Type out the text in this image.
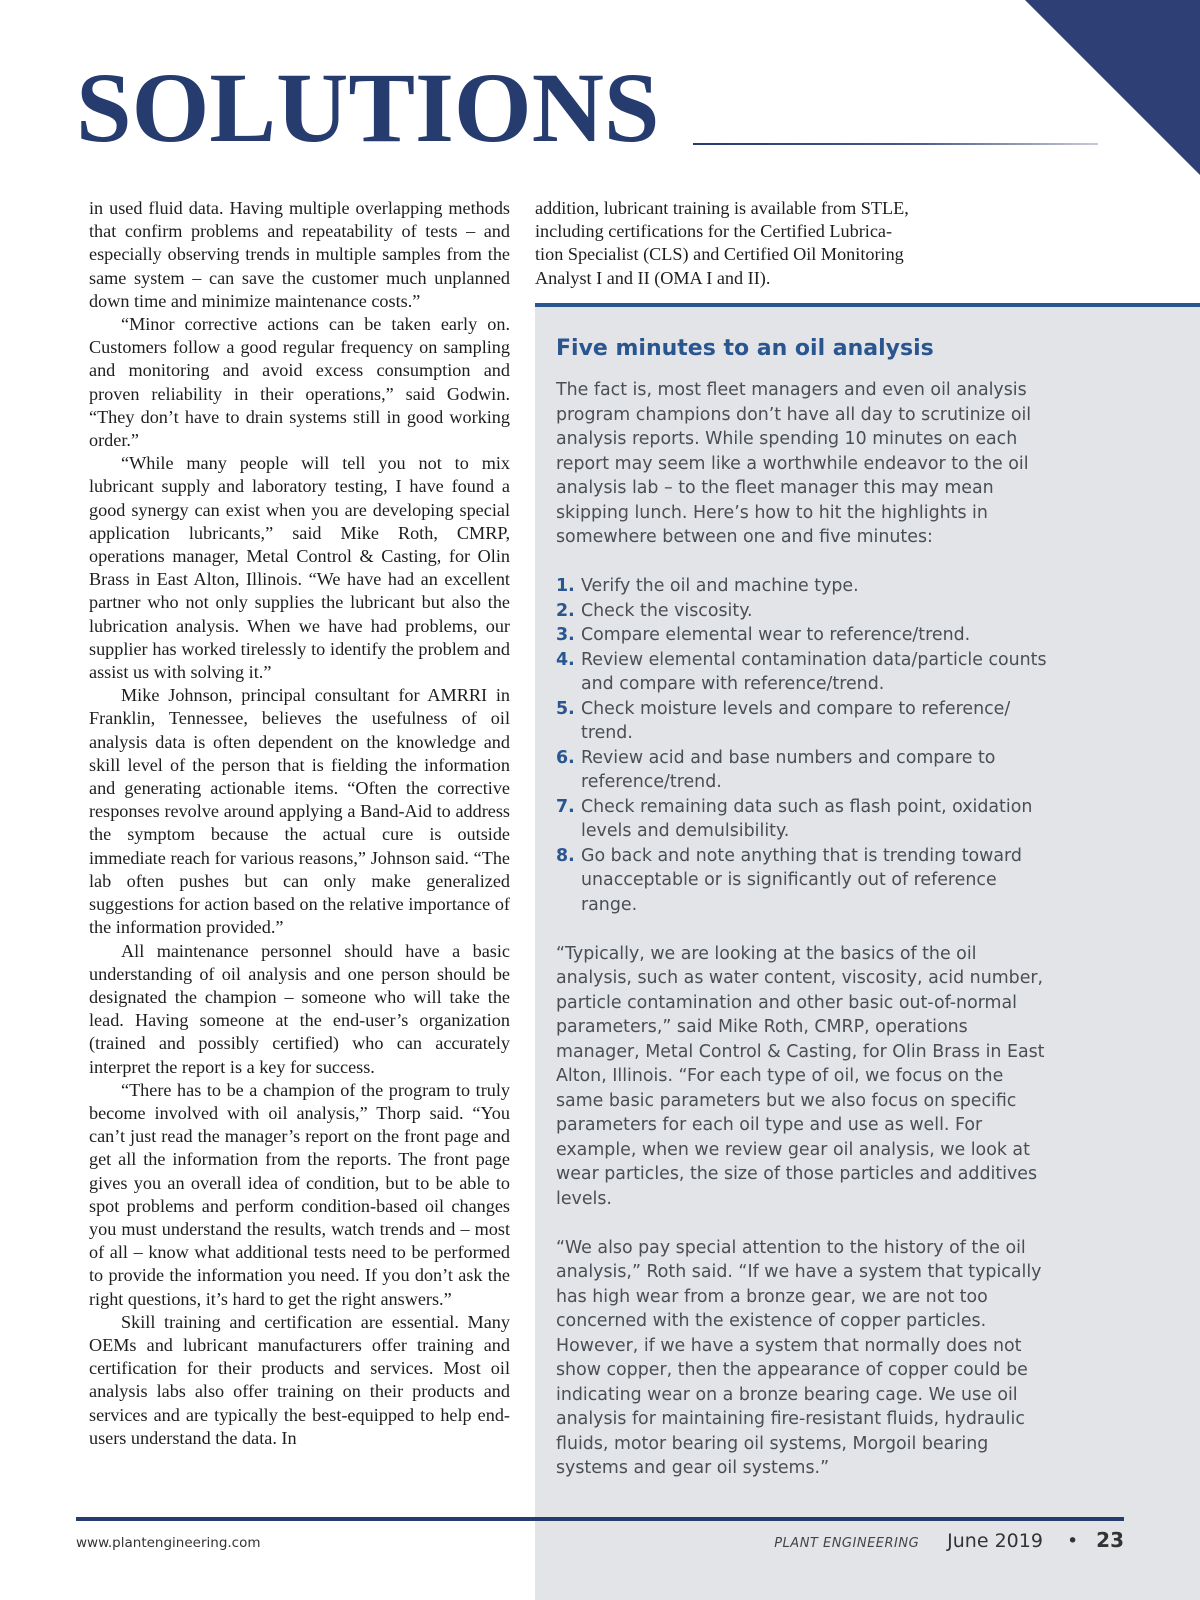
SOLUTIONS

in used fluid data. Having multiple overlapping methods that confirm problems and repeatability of tests – and especially observing trends in multiple samples from the same system – can save the customer much unplanned down time and minimize maintenance costs.”

“Minor corrective actions can be taken early on. Customers follow a good regular frequency on sampling and monitoring and avoid excess consumption and proven reliability in their operations,” said Godwin. “They don’t have to drain systems still in good working order.”

“While many people will tell you not to mix lubricant supply and laboratory testing, I have found a good synergy can exist when you are developing special application lubricants,” said Mike Roth, CMRP, operations manager, Metal Control & Casting, for Olin Brass in East Alton, Illinois. “We have had an excellent partner who not only supplies the lubricant but also the lubrication analysis. When we have had problems, our supplier has worked tirelessly to identify the problem and assist us with solving it.”

Mike Johnson, principal consultant for AMRRI in Franklin, Tennessee, believes the usefulness of oil analysis data is often dependent on the knowledge and skill level of the person that is fielding the information and generating actionable items. “Often the corrective responses revolve around applying a Band-Aid to address the symptom because the actual cure is outside immediate reach for various reasons,” Johnson said. “The lab often pushes but can only make generalized suggestions for action based on the relative importance of the information provided.”

All maintenance personnel should have a basic understanding of oil analysis and one person should be designated the champion – someone who will take the lead. Having someone at the end-user’s organization (trained and possibly certified) who can accurately interpret the report is a key for success.

“There has to be a champion of the program to truly become involved with oil analysis,” Thorp said. “You can’t just read the manager’s report on the front page and get all the information from the reports. The front page gives you an overall idea of condition, but to be able to spot problems and perform condition-based oil changes you must understand the results, watch trends and – most of all – know what additional tests need to be performed to provide the information you need. If you don’t ask the right questions, it’s hard to get the right answers.”

Skill training and certification are essential. Many OEMs and lubricant manufacturers offer training and certification for their products and services. Most oil analysis labs also offer training on their products and services and are typically the best-equipped to help end-users understand the data. In

addition, lubricant training is available from STLE,

including certifications for the Certified Lubrica-

tion Specialist (CLS) and Certified Oil Monitoring

Analyst I and II (OMA I and II).

Five minutes to an oil analysis

The fact is, most fleet managers and even oil analysis program champions don’t have all day to scrutinize oil analysis reports. While spending 10 minutes on each report may seem like a worthwhile endeavor to the oil analysis lab – to the fleet manager this may mean skipping lunch. Here’s how to hit the highlights in somewhere between one and five minutes:

1. Verify the oil and machine type.
2. Check the viscosity.
3. Compare elemental wear to reference/trend.
4. Review elemental contamination data/particle counts and compare with reference/trend.
5. Check moisture levels and compare to reference/ trend.
6. Review acid and base numbers and compare to reference/trend.
7. Check remaining data such as flash point, oxidation levels and demulsibility.
8. Go back and note anything that is trending toward unacceptable or is significantly out of reference range.

“Typically, we are looking at the basics of the oil analysis, such as water content, viscosity, acid number, particle contamination and other basic out-of-normal parameters,” said Mike Roth, CMRP, operations manager, Metal Control & Casting, for Olin Brass in East Alton, Illinois. “For each type of oil, we focus on the same basic parameters but we also focus on specific parameters for each oil type and use as well. For example, when we review gear oil analysis, we look at wear particles, the size of those particles and additives levels.

“We also pay special attention to the history of the oil analysis,” Roth said. “If we have a system that typically has high wear from a bronze gear, we are not too concerned with the existence of copper particles. However, if we have a system that normally does not show copper, then the appearance of copper could be indicating wear on a bronze bearing cage. We use oil analysis for maintaining fire-resistant fluids, hydraulic fluids, motor bearing oil systems, Morgoil bearing systems and gear oil systems.”

www.plantengineering.com	PLANT ENGINEERING June 2019 • 23
